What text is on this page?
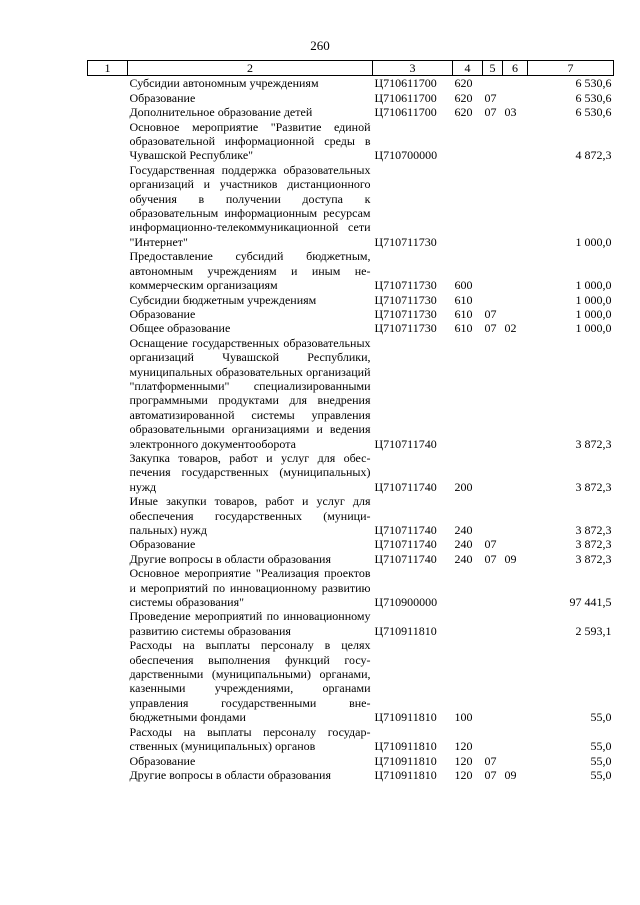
260
1	2	3	4	5	6	7
	Субсидии автономным учреждениям	Ц710611700	620			6 530,6
	Образование	Ц710611700	620	07		6 530,6
	Дополнительное образование детей	Ц710611700	620	07	03	6 530,6
	Основное мероприятие "Развитие единой образовательной информационной среды в Чувашской Республике"	Ц710700000				4 872,3
	Государственная поддержка образовательных организаций и участников дистанционного обучения в получении доступа к образовательным информационным ресурсам информационно-телекоммуникационной сети "Интернет"	Ц710711730				1 000,0
	Предоставление субсидий бюджетным, автономным учреждениям и иным некоммерческим организациям	Ц710711730	600			1 000,0
	Субсидии бюджетным учреждениям	Ц710711730	610			1 000,0
	Образование	Ц710711730	610	07		1 000,0
	Общее образование	Ц710711730	610	07	02	1 000,0
	Оснащение государственных образовательных организаций Чувашской Республики, муниципальных образовательных организаций "платформенными" специализированными программными продуктами для внедрения автоматизированной системы управления образовательными организациями и ведения электронного документооборота	Ц710711740				3 872,3
	Закупка товаров, работ и услуг для обеспечения государственных (муниципальных) нужд	Ц710711740	200			3 872,3
	Иные закупки товаров, работ и услуг для обеспечения государственных (муниципальных) нужд	Ц710711740	240			3 872,3
	Образование	Ц710711740	240	07		3 872,3
	Другие вопросы в области образования	Ц710711740	240	07	09	3 872,3
	Основное мероприятие "Реализация проектов и мероприятий по инновационному развитию системы образования"	Ц710900000				97 441,5
	Проведение мероприятий по инновационному развитию системы образования	Ц710911810				2 593,1
	Расходы на выплаты персоналу в целях обеспечения выполнения функций государственными (муниципальными) органами, казенными учреждениями, органами управления государственными внебюджетными фондами	Ц710911810	100			55,0
	Расходы на выплаты персоналу государственных (муниципальных) органов	Ц710911810	120			55,0
	Образование	Ц710911810	120	07		55,0
	Другие вопросы в области образования	Ц710911810	120	07	09	55,0
